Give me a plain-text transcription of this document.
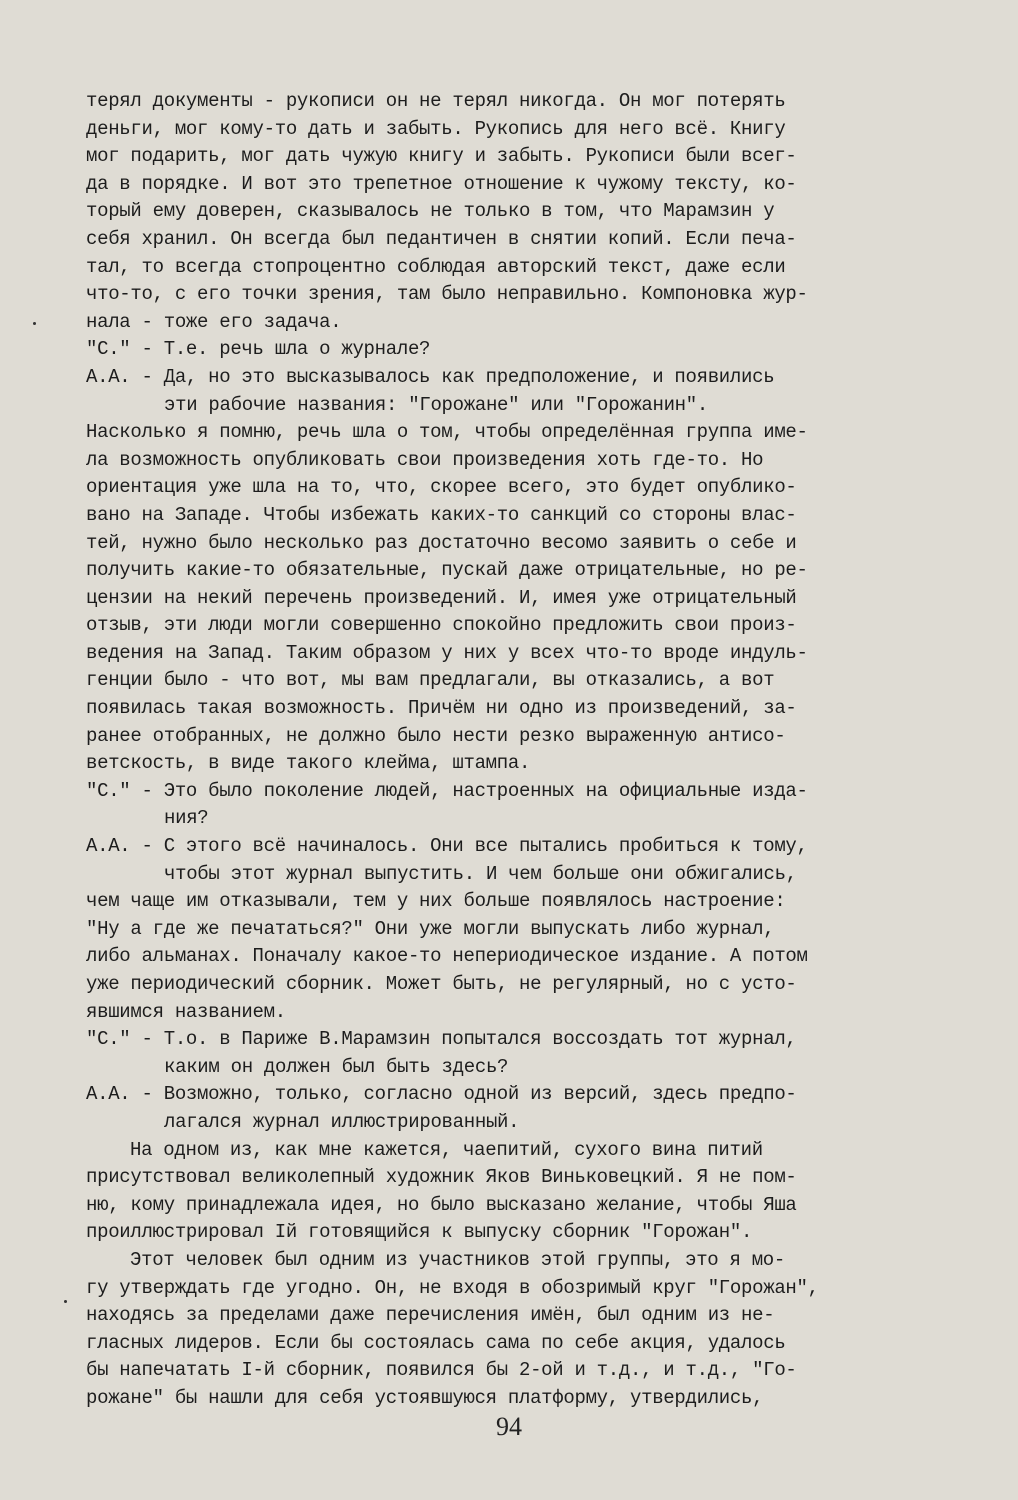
терял документы - рукописи он не терял никогда. Он мог потерять
деньги, мог кому-то дать и забыть. Рукопись для него всё. Книгу
мог подарить, мог дать чужую книгу и забыть. Рукописи были всег-
да в порядке. И вот это трепетное отношение к чужому тексту, ко-
торый ему доверен, сказывалось не только в том, что Марамзин у
себя хранил. Он всегда был педантичен в снятии копий. Если печа-
тал, то всегда стопроцентно соблюдая авторский текст, даже если
что-то, с его точки зрения, там было неправильно. Компоновка жур-
нала - тоже его задача.
"С." - Т.е. речь шла о журнале?
А.А. - Да, но это высказывалось как предположение, и появились
эти рабочие названия: "Горожане" или "Горожанин".
Насколько я помню, речь шла о том, чтобы определённая группа име-
ла возможность опубликовать свои произведения хоть где-то. Но
ориентация уже шла на то, что, скорее всего, это будет опублико-
вано на Западе. Чтобы избежать каких-то санкций со стороны влас-
тей, нужно было несколько раз достаточно весомо заявить о себе и
получить какие-то обязательные, пускай даже отрицательные, но ре-
цензии на некий перечень произведений. И, имея уже отрицательный
отзыв, эти люди могли совершенно спокойно предложить свои произ-
ведения на Запад. Таким образом у них у всех что-то вроде индуль-
генции было - что вот, мы вам предлагали, вы отказались, а вот
появилась такая возможность. Причём ни одно из произведений, за-
ранее отобранных, не должно было нести резко выраженную антисо-
ветскость, в виде такого клейма, штампа.
"С." - Это было поколение людей, настроенных на официальные изда-
ния?
А.А. - С этого всё начиналось. Они все пытались пробиться к тому,
чтобы этот журнал выпустить. И чем больше они обжигались,
чем чаще им отказывали, тем у них больше появлялось настроение:
"Ну а где же печататься?" Они уже могли выпускать либо журнал,
либо альманах. Поначалу какое-то непериодическое издание. А потом
уже периодический сборник. Может быть, не регулярный, но с усто-
явшимся названием.
"С." - Т.о. в Париже В.Марамзин попытался воссоздать тот журнал,
каким он должен был быть здесь?
А.А. - Возможно, только, согласно одной из версий, здесь предпо-
лагался журнал иллюстрированный.
На одном из, как мне кажется, чаепитий, сухого вина питий
присутствовал великолепный художник Яков Виньковецкий. Я не пом-
ню, кому принадлежала идея, но было высказано желание, чтобы Яша
проиллюстрировал Iй готовящийся к выпуску сборник "Горожан".
Этот человек был одним из участников этой группы, это я мо-
гу утверждать где угодно. Он, не входя в обозримый круг "Горожан",
находясь за пределами даже перечисления имён, был одним из не-
гласных лидеров. Если бы состоялась сама по себе акция, удалось
бы напечатать I-й сборник, появился бы 2-ой и т.д., и т.д., "Го-
рожане" бы нашли для себя устоявшуюся платформу, утвердились,
94
